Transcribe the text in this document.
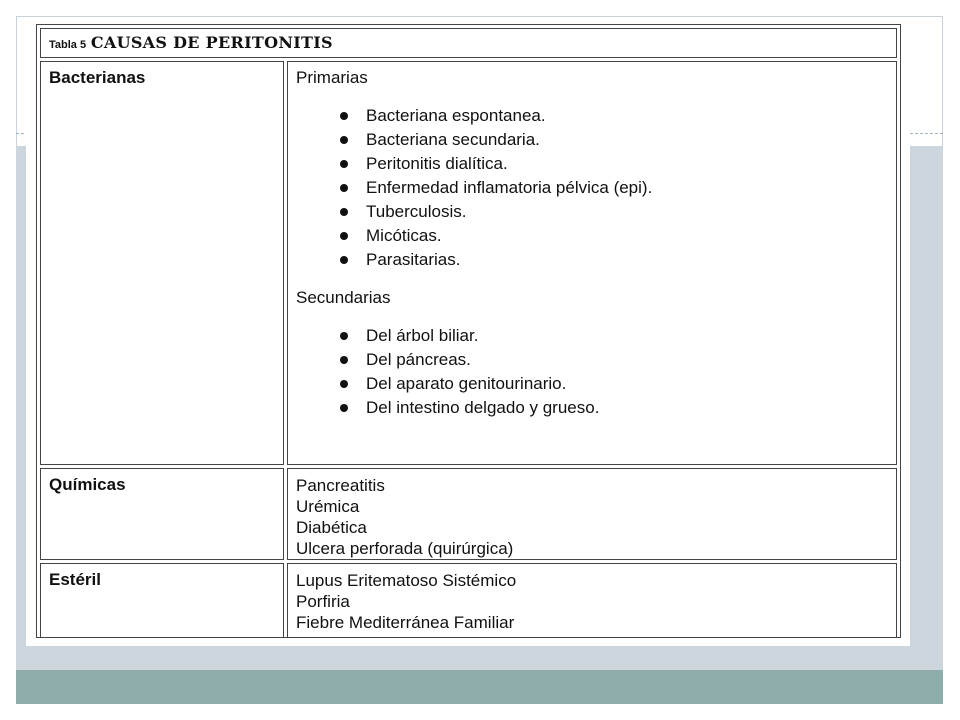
Tabla 5 CAUSAS DE PERITONITIS
Bacterianas	Primarias
Bacteriana espontanea.
Bacteriana secundaria.
Peritonitis dialítica.
Enfermedad inflamatoria pélvica (epi).
Tuberculosis.
Micóticas.
Parasitarias.
Secundarias
Del árbol biliar.
Del páncreas.
Del aparato genitourinario.
Del intestino delgado y grueso.
Químicas	Pancreatitis
Urémica
Diabética
Ulcera perforada (quirúrgica)
Estéril	Lupus Eritematoso Sistémico
Porfiria
Fiebre Mediterránea Familiar
